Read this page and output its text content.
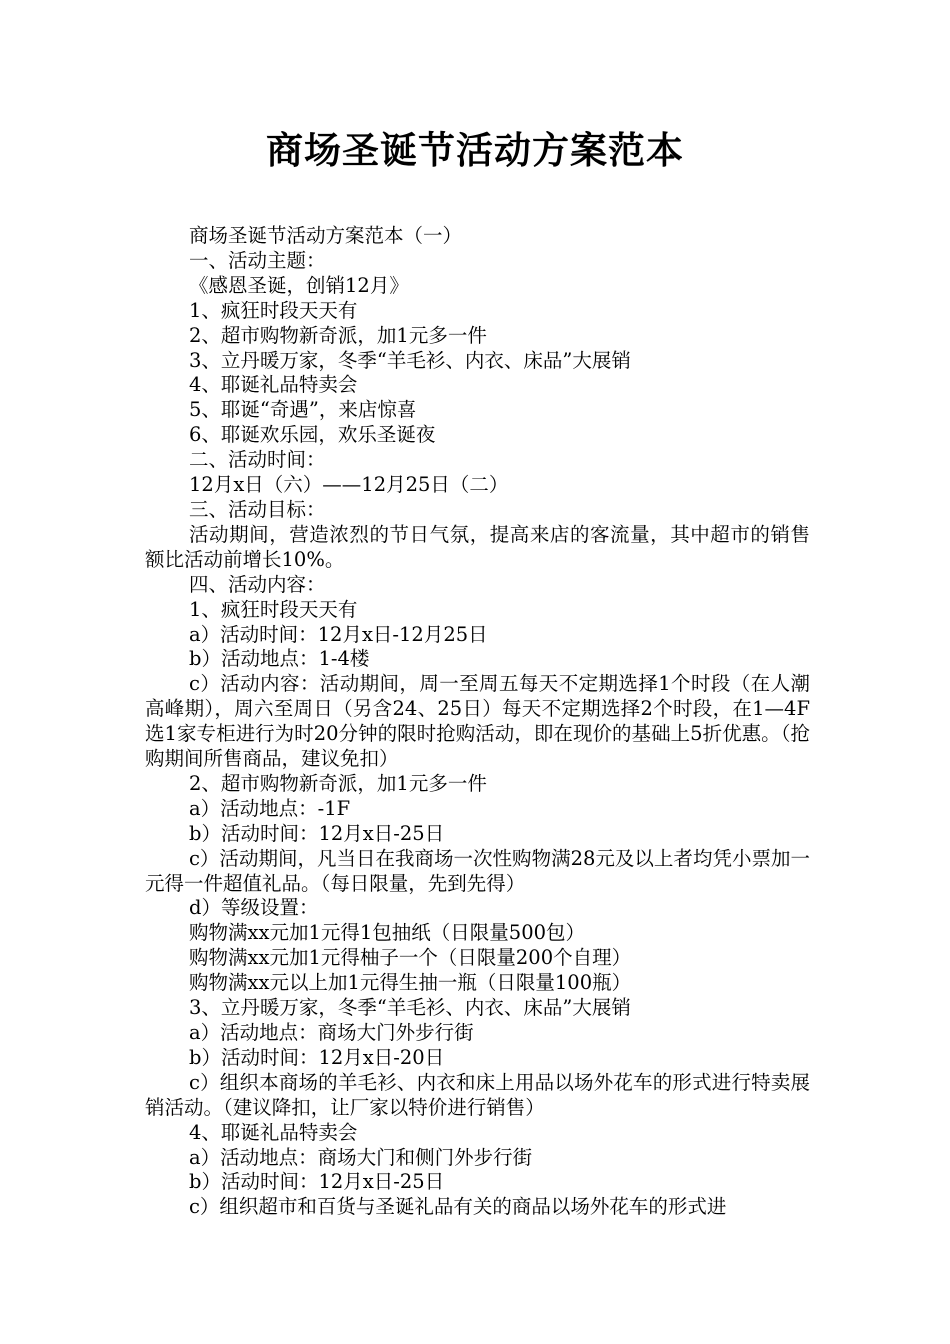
商场圣诞节活动方案范本

商场圣诞节活动方案范本（一）

一、活动主题：

《感恩圣诞，创销12月》

1、疯狂时段天天有

2、超市购物新奇派，加1元多一件

3、立丹暖万家，冬季“羊毛衫、内衣、床品”大展销

4、耶诞礼品特卖会

5、耶诞“奇遇”，来店惊喜

6、耶诞欢乐园，欢乐圣诞夜

二、活动时间：

12月x日（六）——12月25日（二）

三、活动目标：

活动期间，营造浓烈的节日气氛，提高来店的客流量，其中超市的销售额比活动前增长10%。

四、活动内容：

1、疯狂时段天天有

a）活动时间：12月x日-12月25日

b）活动地点：1-4楼

c）活动内容：活动期间，周一至周五每天不定期选择1个时段（在人潮高峰期），周六至周日（另含24、25日）每天不定期选择2个时段，在1—4F选1家专柜进行为时20分钟的限时抢购活动，即在现价的基础上5折优惠。（抢购期间所售商品，建议免扣）

2、超市购物新奇派，加1元多一件

a）活动地点：-1F

b）活动时间：12月x日-25日

c）活动期间，凡当日在我商场一次性购物满28元及以上者均凭小票加一元得一件超值礼品。（每日限量，先到先得）

d）等级设置：

购物满xx元加1元得1包抽纸（日限量500包）

购物满xx元加1元得柚子一个（日限量200个自理）

购物满xx元以上加1元得生抽一瓶（日限量100瓶）

3、立丹暖万家，冬季“羊毛衫、内衣、床品”大展销

a）活动地点：商场大门外步行街

b）活动时间：12月x日-20日

c）组织本商场的羊毛衫、内衣和床上用品以场外花车的形式进行特卖展销活动。（建议降扣，让厂家以特价进行销售）

4、耶诞礼品特卖会

a）活动地点：商场大门和侧门外步行街

b）活动时间：12月x日-25日

c）组织超市和百货与圣诞礼品有关的商品以场外花车的形式进
